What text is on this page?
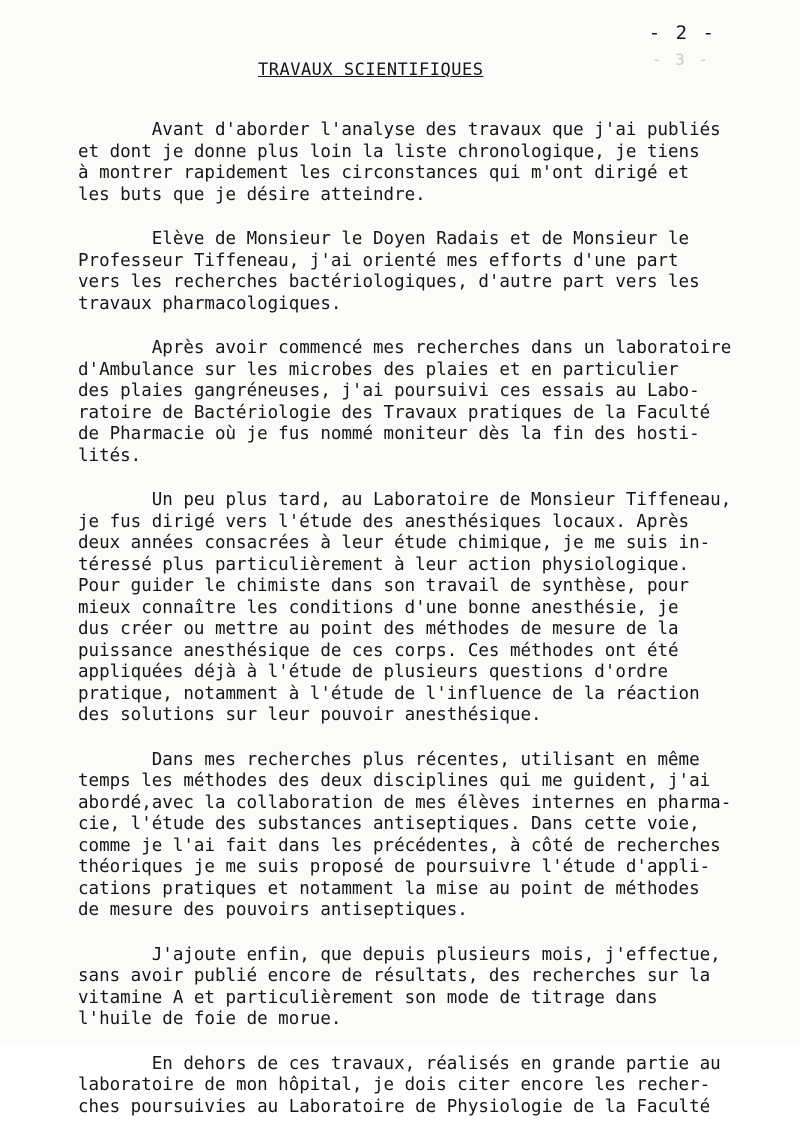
- 2 -
- 3 -
TRAVAUX SCIENTIFIQUES

Avant d'aborder l'analyse des travaux que j'ai publiés
et dont je donne plus loin la liste chronologique, je tiens
à montrer rapidement les circonstances qui m'ont dirigé et
les buts que je désire atteindre.

Elève de Monsieur le Doyen Radais et de Monsieur le
Professeur Tiffeneau, j'ai orienté mes efforts d'une part
vers les recherches bactériologiques, d'autre part vers les
travaux pharmacologiques.

Après avoir commencé mes recherches dans un laboratoire
d'Ambulance sur les microbes des plaies et en particulier
des plaies gangréneuses, j'ai poursuivi ces essais au Labo-
ratoire de Bactériologie des Travaux pratiques de la Faculté
de Pharmacie où je fus nommé moniteur dès la fin des hosti-
lités.

Un peu plus tard, au Laboratoire de Monsieur Tiffeneau,
je fus dirigé vers l'étude des anesthésiques locaux. Après
deux années consacrées à leur étude chimique, je me suis in-
téressé plus particulièrement à leur action physiologique.
Pour guider le chimiste dans son travail de synthèse, pour
mieux connaître les conditions d'une bonne anesthésie, je
dus créer ou mettre au point des méthodes de mesure de la
puissance anesthésique de ces corps. Ces méthodes ont été
appliquées déjà à l'étude de plusieurs questions d'ordre
pratique, notamment à l'étude de l'influence de la réaction
des solutions sur leur pouvoir anesthésique.

Dans mes recherches plus récentes, utilisant en même
temps les méthodes des deux disciplines qui me guident, j'ai
abordé,avec la collaboration de mes élèves internes en pharma-
cie, l'étude des substances antiseptiques. Dans cette voie,
comme je l'ai fait dans les précédentes, à côté de recherches
théoriques je me suis proposé de poursuivre l'étude d'appli-
cations pratiques et notamment la mise au point de méthodes
de mesure des pouvoirs antiseptiques.

J'ajoute enfin, que depuis plusieurs mois, j'effectue,
sans avoir publié encore de résultats, des recherches sur la
vitamine A et particulièrement son mode de titrage dans
l'huile de foie de morue.

En dehors de ces travaux, réalisés en grande partie au
laboratoire de mon hôpital, je dois citer encore les recher-
ches poursuivies au Laboratoire de Physiologie de la Faculté
